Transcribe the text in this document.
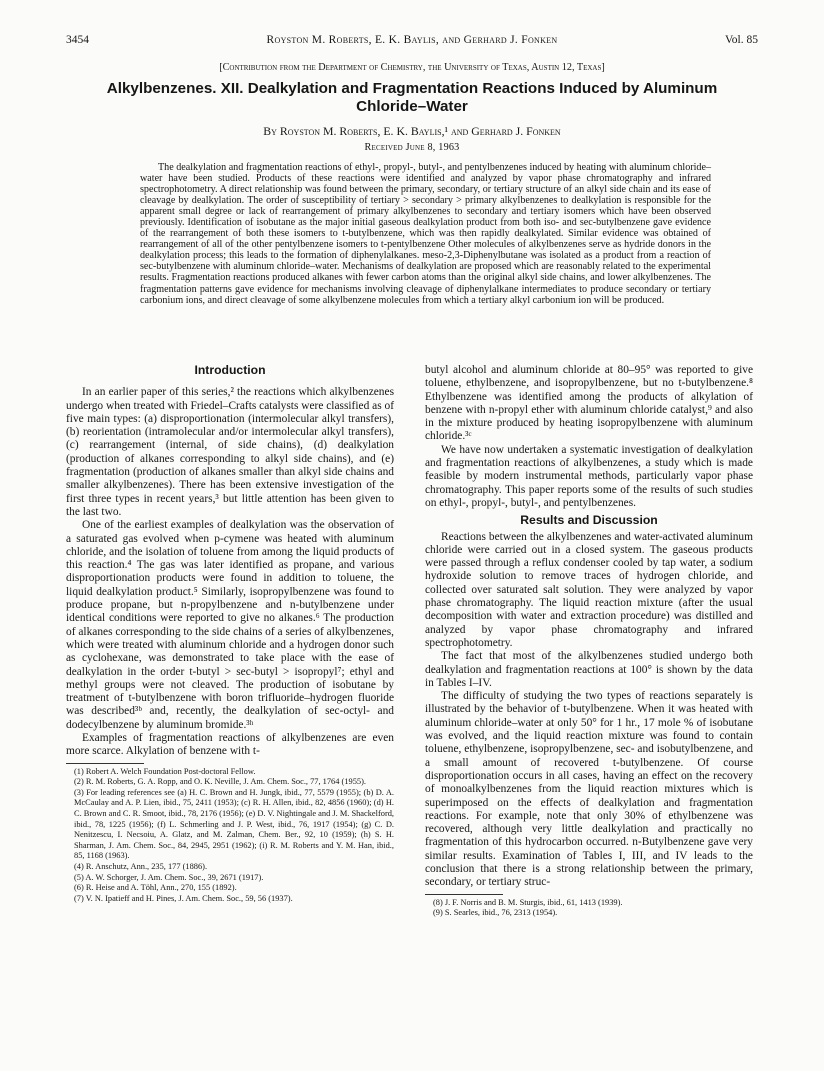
3454	Royston M. Roberts, E. K. Baylis, and Gerhard J. Fonken	Vol. 85
[Contribution from the Department of Chemistry, the University of Texas, Austin 12, Texas]
Alkylbenzenes. XII. Dealkylation and Fragmentation Reactions Induced by Aluminum Chloride–Water
By Royston M. Roberts, E. K. Baylis,¹ and Gerhard J. Fonken
Received June 8, 1963

The dealkylation and fragmentation reactions of ethyl-, propyl-, butyl-, and pentylbenzenes induced by heating with aluminum chloride–water have been studied. Products of these reactions were identified and analyzed by vapor phase chromatography and infrared spectrophotometry. A direct relationship was found between the primary, secondary, or tertiary structure of an alkyl side chain and its ease of cleavage by dealkylation. The order of susceptibility of tertiary > secondary > primary alkylbenzenes to dealkylation is responsible for the apparent small degree or lack of rearrangement of primary alkylbenzenes to secondary and tertiary isomers which have been observed previously. Identification of isobutane as the major initial gaseous dealkylation product from both iso- and sec-butylbenzene gave evidence of the rearrangement of both these isomers to t-butylbenzene, which was then rapidly dealkylated. Similar evidence was obtained of rearrangement of all of the other pentylbenzene isomers to t-pentylbenzene Other molecules of alkylbenzenes serve as hydride donors in the dealkylation process; this leads to the formation of diphenylalkanes. meso-2,3-Diphenylbutane was isolated as a product from a reaction of sec-butylbenzene with aluminum chloride–water. Mechanisms of dealkylation are proposed which are reasonably related to the experimental results. Fragmentation reactions produced alkanes with fewer carbon atoms than the original alkyl side chains, and lower alkylbenzenes. The fragmentation patterns gave evidence for mechanisms involving cleavage of diphenylalkane intermediates to produce secondary or tertiary carbonium ions, and direct cleavage of some alkylbenzene molecules from which a tertiary alkyl carbonium ion will be produced.

Introduction

In an earlier paper of this series,² the reactions which alkylbenzenes undergo when treated with Friedel–Crafts catalysts were classified as of five main types: (a) disproportionation (intermolecular alkyl transfers), (b) reorientation (intramolecular and/or intermolecular alkyl transfers), (c) rearrangement (internal, of side chains), (d) dealkylation (production of alkanes corresponding to alkyl side chains), and (e) fragmentation (production of alkanes smaller than alkyl side chains and smaller alkylbenzenes). There has been extensive investigation of the first three types in recent years,³ but little attention has been given to the last two.

One of the earliest examples of dealkylation was the observation of a saturated gas evolved when p-cymene was heated with aluminum chloride, and the isolation of toluene from among the liquid products of this reaction.⁴ The gas was later identified as propane, and various disproportionation products were found in addition to toluene, the liquid dealkylation product.⁵ Similarly, isopropylbenzene was found to produce propane, but n-propylbenzene and n-butylbenzene under identical conditions were reported to give no alkanes.⁶ The production of alkanes corresponding to the side chains of a series of alkylbenzenes, which were treated with aluminum chloride and a hydrogen donor such as cyclohexane, was demonstrated to take place with the ease of dealkylation in the order t-butyl > sec-butyl > isopropyl⁷; ethyl and methyl groups were not cleaved. The production of isobutane by treatment of t-butylbenzene with boron trifluoride–hydrogen fluoride was described³ᵇ and, recently, the dealkylation of sec-octyl- and dodecylbenzene by aluminum bromide.³ʰ

Examples of fragmentation reactions of alkylbenzenes are even more scarce. Alkylation of benzene with t-

(1) Robert A. Welch Foundation Post-doctoral Fellow.
(2) R. M. Roberts, G. A. Ropp, and O. K. Neville, J. Am. Chem. Soc., 77, 1764 (1955).
(3) For leading references see (a) H. C. Brown and H. Jungk, ibid., 77, 5579 (1955); (b) D. A. McCaulay and A. P. Lien, ibid., 75, 2411 (1953); (c) R. H. Allen, ibid., 82, 4856 (1960); (d) H. C. Brown and C. R. Smoot, ibid., 78, 2176 (1956); (e) D. V. Nightingale and J. M. Shackelford, ibid., 78, 1225 (1956); (f) L. Schmerling and J. P. West, ibid., 76, 1917 (1954); (g) C. D. Nenitzescu, I. Necsoiu, A. Glatz, and M. Zalman, Chem. Ber., 92, 10 (1959); (h) S. H. Sharman, J. Am. Chem. Soc., 84, 2945, 2951 (1962); (i) R. M. Roberts and Y. M. Han, ibid., 85, 1168 (1963).
(4) R. Anschutz, Ann., 235, 177 (1886).
(5) A. W. Schorger, J. Am. Chem. Soc., 39, 2671 (1917).
(6) R. Heise and A. Töhl, Ann., 270, 155 (1892).
(7) V. N. Ipatieff and H. Pines, J. Am. Chem. Soc., 59, 56 (1937).

butyl alcohol and aluminum chloride at 80–95° was reported to give toluene, ethylbenzene, and isopropylbenzene, but no t-butylbenzene.⁸ Ethylbenzene was identified among the products of alkylation of benzene with n-propyl ether with aluminum chloride catalyst,⁹ and also in the mixture produced by heating isopropylbenzene with aluminum chloride.³ᶜ

We have now undertaken a systematic investigation of dealkylation and fragmentation reactions of alkylbenzenes, a study which is made feasible by modern instrumental methods, particularly vapor phase chromatography. This paper reports some of the results of such studies on ethyl-, propyl-, butyl-, and pentylbenzenes.

Results and Discussion

Reactions between the alkylbenzenes and water-activated aluminum chloride were carried out in a closed system. The gaseous products were passed through a reflux condenser cooled by tap water, a sodium hydroxide solution to remove traces of hydrogen chloride, and collected over saturated salt solution. They were analyzed by vapor phase chromatography. The liquid reaction mixture (after the usual decomposition with water and extraction procedure) was distilled and analyzed by vapor phase chromatography and infrared spectrophotometry.

The fact that most of the alkylbenzenes studied undergo both dealkylation and fragmentation reactions at 100° is shown by the data in Tables I–IV.

The difficulty of studying the two types of reactions separately is illustrated by the behavior of t-butylbenzene. When it was heated with aluminum chloride–water at only 50° for 1 hr., 17 mole % of isobutane was evolved, and the liquid reaction mixture was found to contain toluene, ethylbenzene, isopropylbenzene, sec- and isobutylbenzene, and a small amount of recovered t-butylbenzene. Of course disproportionation occurs in all cases, having an effect on the recovery of monoalkylbenzenes from the liquid reaction mixtures which is superimposed on the effects of dealkylation and fragmentation reactions. For example, note that only 30% of ethylbenzene was recovered, although very little dealkylation and practically no fragmentation of this hydrocarbon occurred. n-Butylbenzene gave very similar results. Examination of Tables I, III, and IV leads to the conclusion that there is a strong relationship between the primary, secondary, or tertiary struc-

(8) J. F. Norris and B. M. Sturgis, ibid., 61, 1413 (1939).
(9) S. Searles, ibid., 76, 2313 (1954).
